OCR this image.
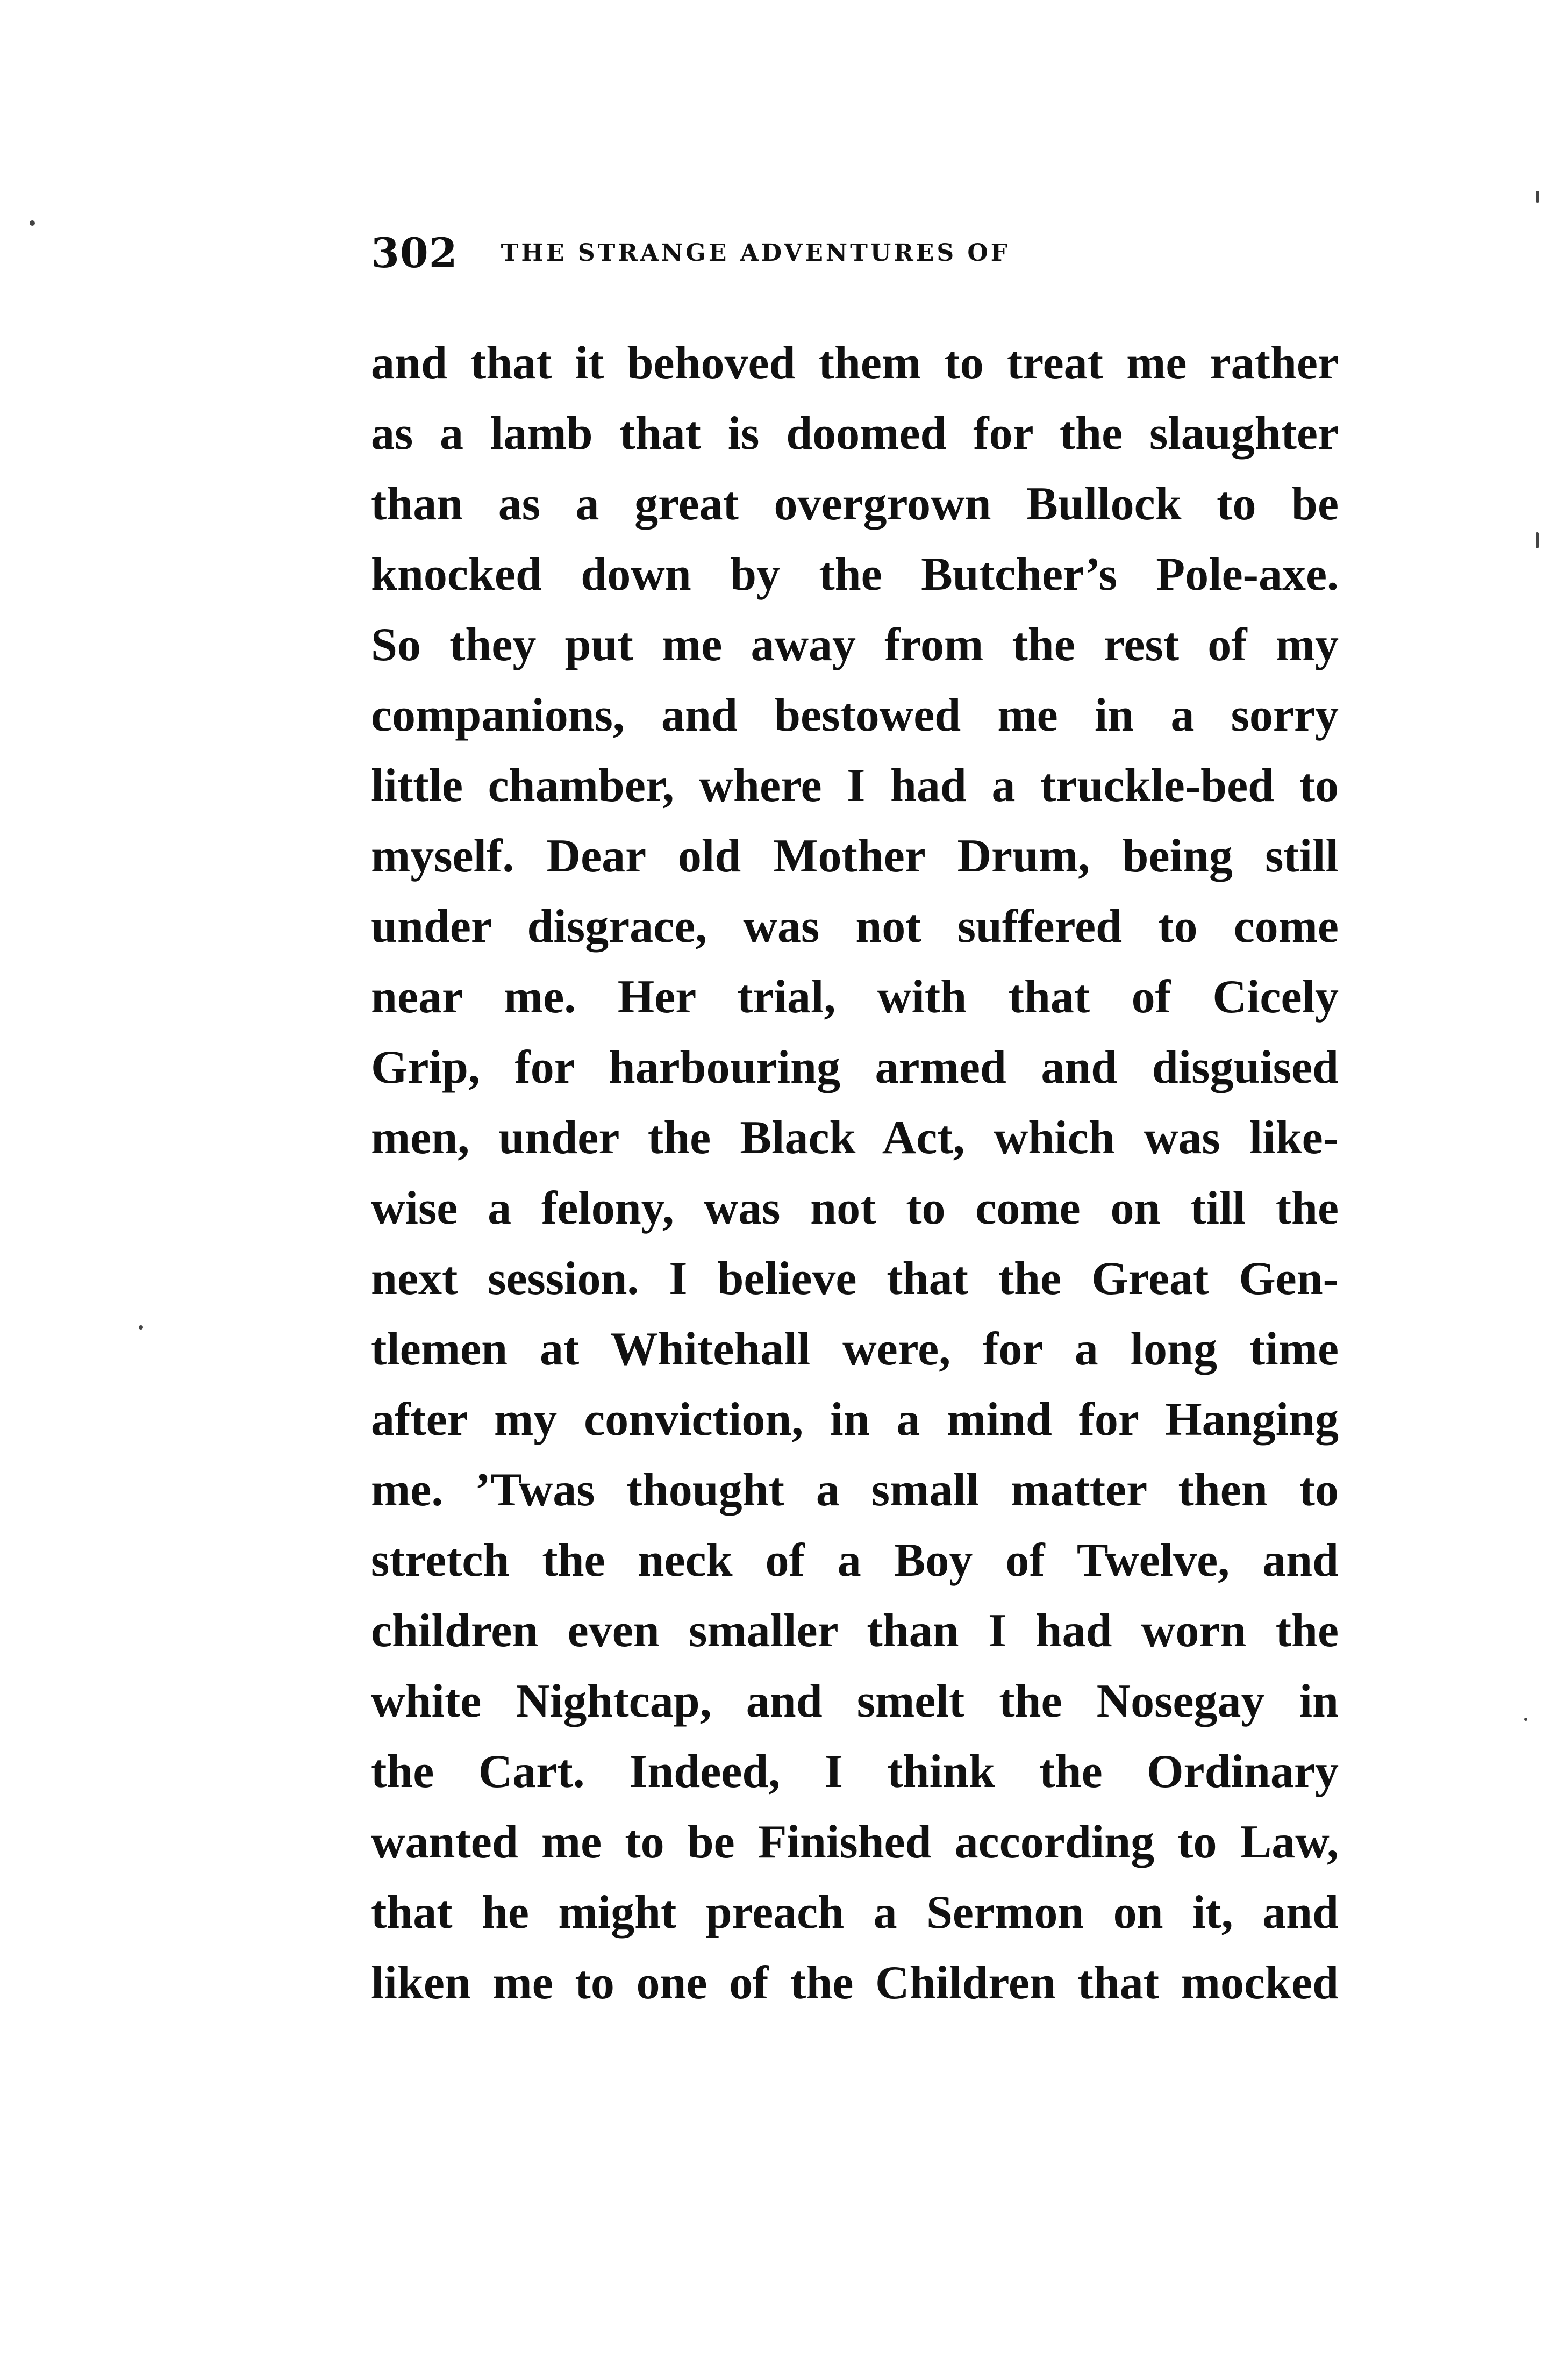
302 THE STRANGE ADVENTURES OF
and that it behoved them to treat me rather
as a lamb that is doomed for the slaughter
than as a great overgrown Bullock to be
knocked down by the Butcher’s Pole-axe.
So they put me away from the rest of my
companions, and bestowed me in a sorry
little chamber, where I had a truckle-bed to
myself. Dear old Mother Drum, being still
under disgrace, was not suffered to come
near me. Her trial, with that of Cicely
Grip, for harbouring armed and disguised
men, under the Black Act, which was like-
wise a felony, was not to come on till the
next session. I believe that the Great Gen-
tlemen at Whitehall were, for a long time
after my conviction, in a mind for Hanging
me. ’Twas thought a small matter then to
stretch the neck of a Boy of Twelve, and
children even smaller than I had worn the
white Nightcap, and smelt the Nosegay in
the Cart. Indeed, I think the Ordinary
wanted me to be Finished according to Law,
that he might preach a Sermon on it, and
liken me to one of the Children that mocked
